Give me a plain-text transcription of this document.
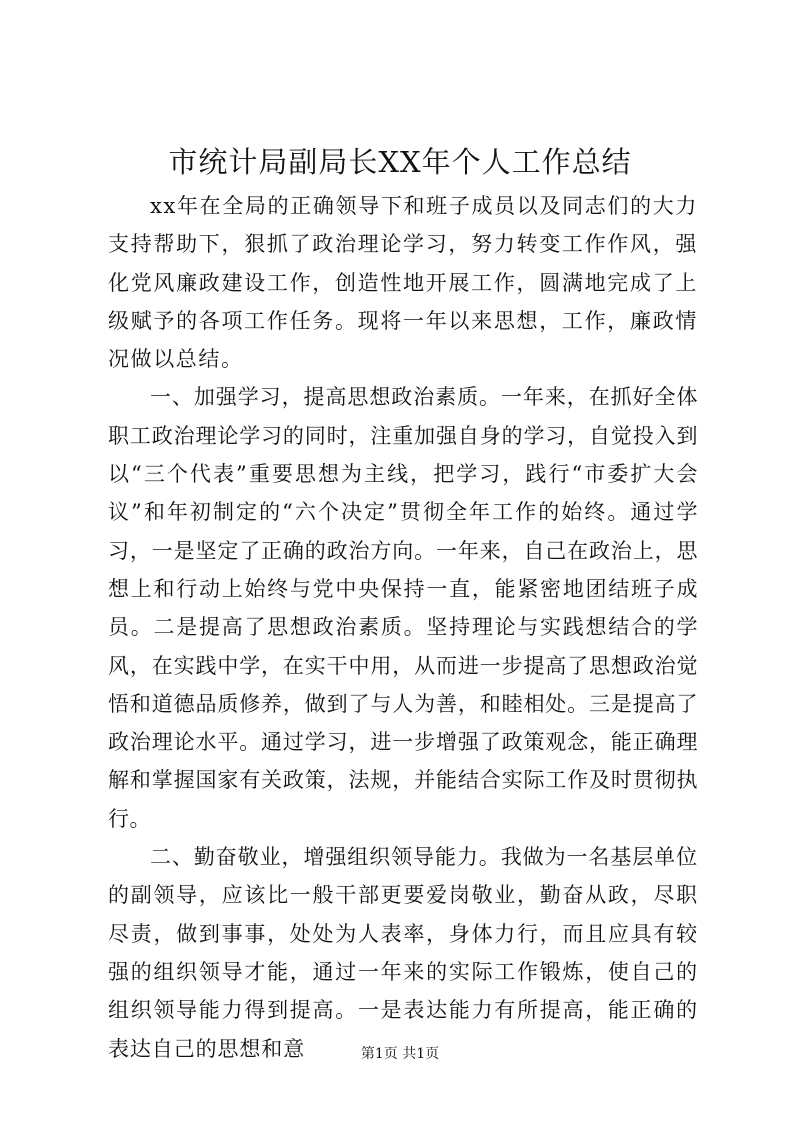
市统计局副局长XX年个人工作总结

xx年在全局的正确领导下和班子成员以及同志们的大力支持帮助下，狠抓了政治理论学习，努力转变工作作风，强化党风廉政建设工作，创造性地开展工作，圆满地完成了上级赋予的各项工作任务。现将一年以来思想，工作，廉政情况做以总结。

一、加强学习，提高思想政治素质。一年来，在抓好全体职工政治理论学习的同时，注重加强自身的学习，自觉投入到以“三个代表”重要思想为主线，把学习，践行“市委扩大会议”和年初制定的“六个决定”贯彻全年工作的始终。通过学习，一是坚定了正确的政治方向。一年来，自己在政治上，思想上和行动上始终与党中央保持一直，能紧密地团结班子成员。二是提高了思想政治素质。坚持理论与实践想结合的学风，在实践中学，在实干中用，从而进一步提高了思想政治觉悟和道德品质修养，做到了与人为善，和睦相处。三是提高了政治理论水平。通过学习，进一步增强了政策观念，能正确理解和掌握国家有关政策，法规，并能结合实际工作及时贯彻执行。

二、勤奋敬业，增强组织领导能力。我做为一名基层单位的副领导，应该比一般干部更要爱岗敬业，勤奋从政，尽职尽责，做到事事，处处为人表率，身体力行，而且应具有较强的组织领导才能，通过一年来的实际工作锻炼，使自己的组织领导能力得到提高。一是表达能力有所提高，能正确的表达自己的思想和意	第1页 共1页
